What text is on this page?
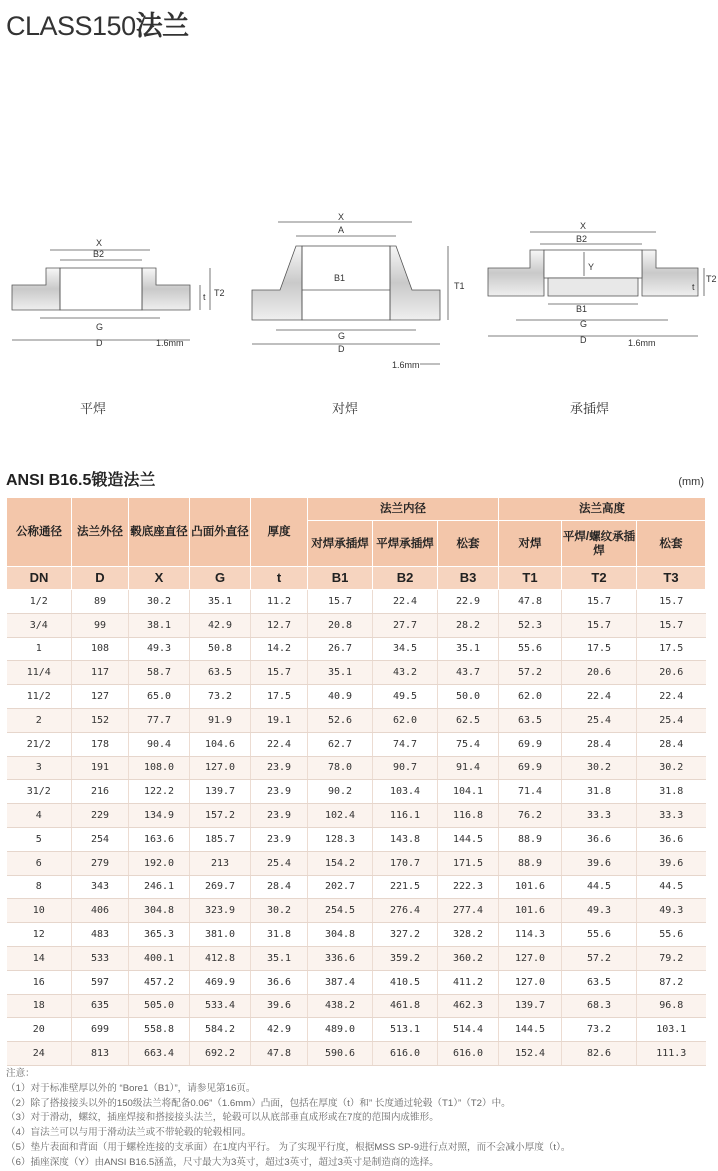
CLASS150法兰
X
B2
G
D
T2
t
1.6mm
X
A
B1
G
D
T1
1.6mm
X
B2
Y
B1
G
D
T2
t
1.6mm
平焊	对焊	承插焊
ANSI B16.5锻造法兰	(mm)
公称通径	法兰外径	毂底座直径	凸面外直径	厚度	法兰内径			法兰高度		
					对焊承插焊	平焊承插焊	松套	对焊	平焊/螺纹承插焊	松套
DN	D	X	G	t	B1	B2	B3	T1	T2	T3
1/2	89	30.2	35.1	11.2	15.7	22.4	22.9	47.8	15.7	15.7
3/4	99	38.1	42.9	12.7	20.8	27.7	28.2	52.3	15.7	15.7
1	108	49.3	50.8	14.2	26.7	34.5	35.1	55.6	17.5	17.5
11/4	117	58.7	63.5	15.7	35.1	43.2	43.7	57.2	20.6	20.6
11/2	127	65.0	73.2	17.5	40.9	49.5	50.0	62.0	22.4	22.4
2	152	77.7	91.9	19.1	52.6	62.0	62.5	63.5	25.4	25.4
21/2	178	90.4	104.6	22.4	62.7	74.7	75.4	69.9	28.4	28.4
3	191	108.0	127.0	23.9	78.0	90.7	91.4	69.9	30.2	30.2
31/2	216	122.2	139.7	23.9	90.2	103.4	104.1	71.4	31.8	31.8
4	229	134.9	157.2	23.9	102.4	116.1	116.8	76.2	33.3	33.3
5	254	163.6	185.7	23.9	128.3	143.8	144.5	88.9	36.6	36.6
6	279	192.0	213	25.4	154.2	170.7	171.5	88.9	39.6	39.6
8	343	246.1	269.7	28.4	202.7	221.5	222.3	101.6	44.5	44.5
10	406	304.8	323.9	30.2	254.5	276.4	277.4	101.6	49.3	49.3
12	483	365.3	381.0	31.8	304.8	327.2	328.2	114.3	55.6	55.6
14	533	400.1	412.8	35.1	336.6	359.2	360.2	127.0	57.2	79.2
16	597	457.2	469.9	36.6	387.4	410.5	411.2	127.0	63.5	87.2
18	635	505.0	533.4	39.6	438.2	461.8	462.3	139.7	68.3	96.8
20	699	558.8	584.2	42.9	489.0	513.1	514.4	144.5	73.2	103.1
24	813	663.4	692.2	47.8	590.6	616.0	616.0	152.4	82.6	111.3
注意：
（1）对于标准壁厚以外的 “Bore1（B1）”，请参见第16页。
（2）除了搭接接头以外的150级法兰将配备0.06”（1.6mm）凸面，包括在厚度（t）和” 长度通过轮毂（T1）”（T2）中。
（3）对于滑动，螺纹，插座焊接和搭接接头法兰，轮毂可以从底部垂直成形或在7度的范围内成锥形。
（4）盲法兰可以与用于滑动法兰或不带轮毂的轮毂相同。
（5）垫片表面和背面（用于螺栓连接的支承面）在1度内平行。 为了实现平行度，根据MSS SP-9进行点对照，而不会减小厚度（t）。
（6）插座深度（Y）由ANSI B16.5涵盖，尺寸最大为3英寸，超过3英寸，超过3英寸是制造商的选择。
